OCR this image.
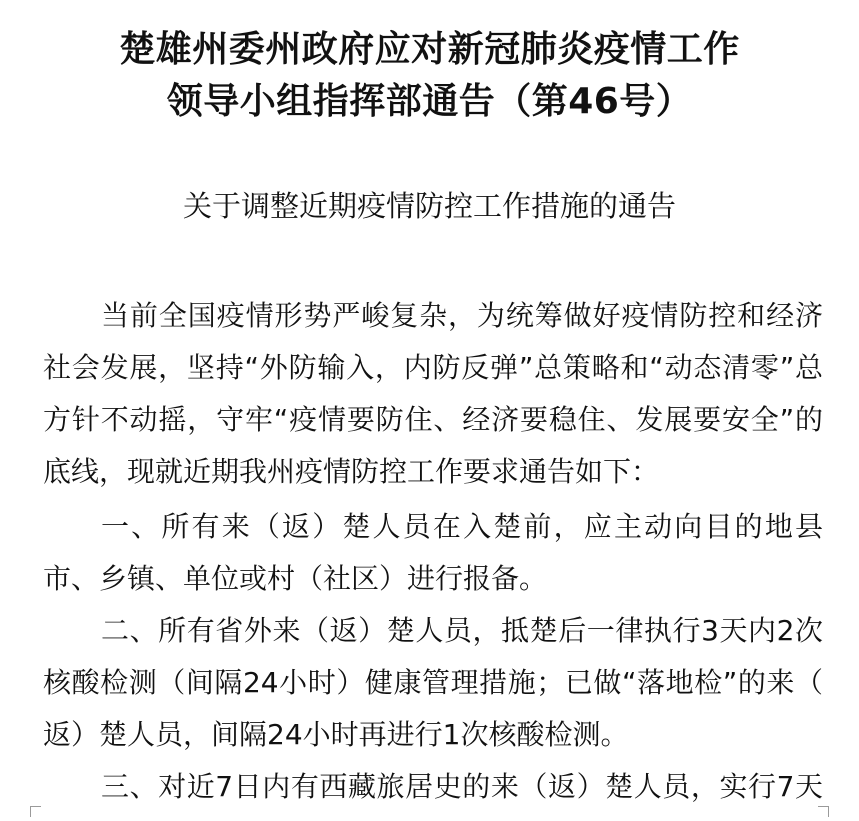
楚雄州委州政府应对新冠肺炎疫情工作
领导小组指挥部通告（第46号）
关于调整近期疫情防控工作措施的通告
当前全国疫情形势严峻复杂，为统筹做好疫情防控和经济
社会发展，坚持“外防输入，内防反弹”总策略和“动态清零”总
方针不动摇，守牢“疫情要防住、经济要稳住、发展要安全”的
底线，现就近期我州疫情防控工作要求通告如下：
一、所有来（返）楚人员在入楚前，应主动向目的地县
市、乡镇、单位或村（社区）进行报备。
二、所有省外来（返）楚人员，抵楚后一律执行3天内2次
核酸检测（间隔24小时）健康管理措施；已做“落地检”的来（
返）楚人员，间隔24小时再进行1次核酸检测。
三、对近7日内有西藏旅居史的来（返）楚人员，实行7天
